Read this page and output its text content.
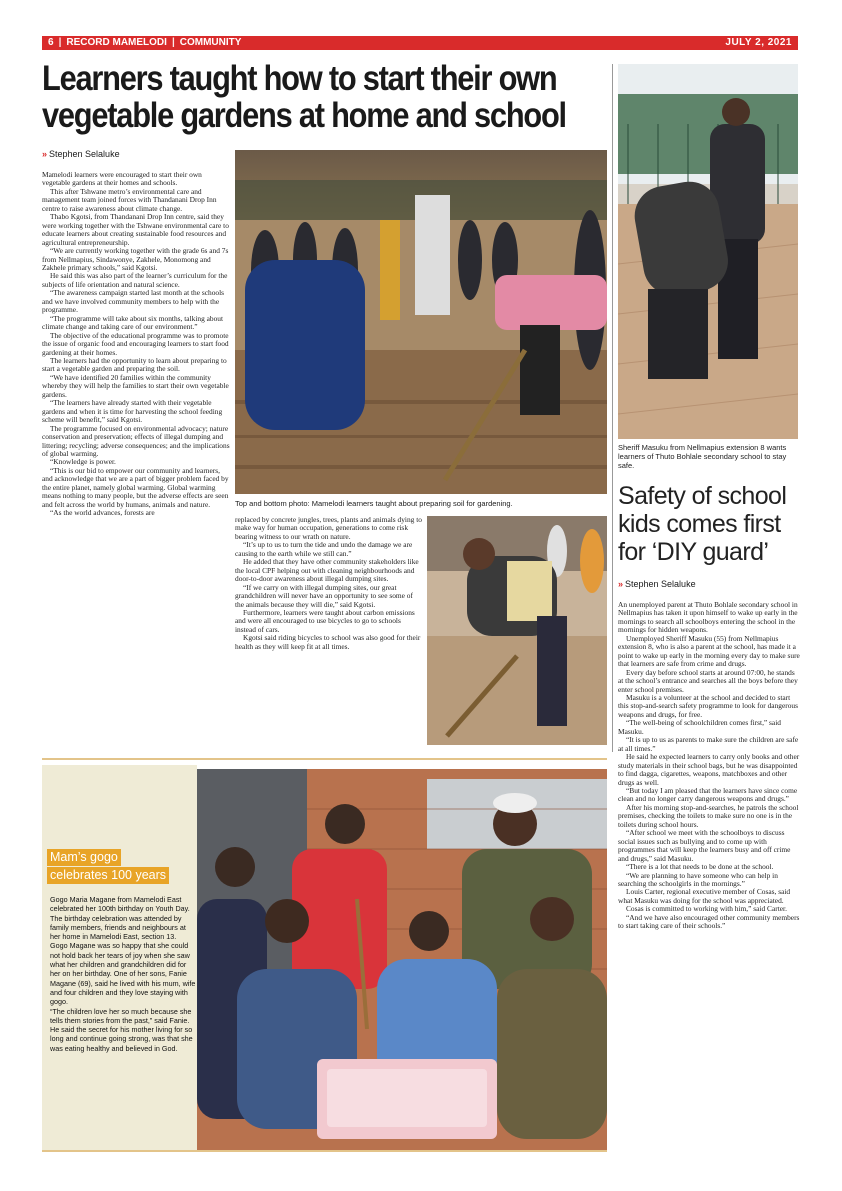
6 | RECORD MAMELODI | COMMUNITY	JULY 2, 2021
Learners taught how to start their own
vegetable gardens at home and school
» Stephen Selaluke

Mamelodi learners were encouraged to start their own vegetable gardens at their homes and schools.

This after Tshwane metro’s environmental care and management team joined forces with Thandanani Drop Inn centre to raise awareness about climate change.

Thabo Kgotsi, from Thandanani Drop Inn centre, said they were working together with the Tshwane environmental care to educate learners about creating sustainable food resources and agricultural entrepreneurship.

“We are currently working together with the grade 6s and 7s from Nellmapius, Sindawonye, Zakhele, Monomong and Zakhele primary schools,” said Kgotsi.

He said this was also part of the learner’s curriculum for the subjects of life orientation and natural science.

“The awareness campaign started last month at the schools and we have involved community members to help with the programme.

“The programme will take about six months, talking about climate change and taking care of our environment.”

The objective of the educational programme was to promote the issue of organic food and encouraging learners to start food gardening at their homes.

The learners had the opportunity to learn about preparing to start a vegetable garden and preparing the soil.

“We have identified 20 families within the community whereby they will help the families to start their own vegetable gardens.

“The learners have already started with their vegetable gardens and when it is time for harvesting the school feeding scheme will benefit,” said Kgotsi.

The programme focused on environmental advocacy; nature conservation and preservation; effects of illegal dumping and littering; recycling; adverse consequences; and the implications of global warming.

“Knowledge is power.

“This is our bid to empower our community and learners, and acknowledge that we are a part of bigger problem faced by the entire planet, namely global warming. Global warming means nothing to many people, but the adverse effects are seen and felt across the world by humans, animals and nature.

“As the world advances, forests are

Top and bottom photo: Mamelodi learners taught about preparing soil for gardening.

replaced by concrete jungles, trees, plants and animals dying to make way for human occupation, generations to come risk bearing witness to our wrath on nature.

“It’s up to us to turn the tide and undo the damage we are causing to the earth while we still can.”

He added that they have other community stakeholders like the local CPF helping out with cleaning neighbourhoods and door-to-door awareness about illegal dumping sites.

“If we carry on with illegal dumping sites, our great grandchildren will never have an opportunity to see some of the animals because they will die,” said Kgotsi.

Furthermore, learners were taught about carbon emissions and were all encouraged to use bicycles to go to schools instead of cars.

Kgotsi said riding bicycles to school was also good for their health as they will keep fit at all times.

Sheriff Masuku from Nellmapius extension 8 wants learners of Thuto Bohlale secondary school to stay safe.
Safety of school kids comes first for ‘DIY guard’
» Stephen Selaluke

An unemployed parent at Thuto Bohlale secondary school in Nellmapius has taken it upon himself to wake up early in the mornings to search all schoolboys entering the school in the mornings for hidden weapons.

Unemployed Sheriff Masuku (55) from Nellmapius extension 8, who is also a parent at the school, has made it a point to wake up early in the morning every day to make sure that learners are safe from crime and drugs.

Every day before school starts at around 07:00, he stands at the school’s entrance and searches all the boys before they enter school premises.

Masuku is a volunteer at the school and decided to start this stop-and-search safety programme to look for dangerous weapons and drugs, for free.

“The well-being of schoolchildren comes first,” said Masuku.

“It is up to us as parents to make sure the children are safe at all times.”

He said he expected learners to carry only books and other study materials in their school bags, but he was disappointed to find dagga, cigarettes, weapons, matchboxes and other drugs as well.

“But today I am pleased that the learners have since come clean and no longer carry dangerous weapons and drugs.”

After his morning stop-and-searches, he patrols the school premises, checking the toilets to make sure no one is in the toilets during school hours.

“After school we meet with the schoolboys to discuss social issues such as bullying and to come up with programmes that will keep the learners busy and off crime and drugs,” said Masuku.

“There is a lot that needs to be done at the school.

“We are planning to have someone who can help in searching the schoolgirls in the mornings.”

Louis Carter, regional executive member of Cosas, said what Masuku was doing for the school was appreciated.

Cosas is committed to working with him,” said Carter.

“And we have also encouraged other community members to start taking care of their schools.”

Mam’s gogo
celebrates 100 years

Gogo Maria Magane from Mamelodi East celebrated her 100th birthday on Youth Day. The birthday celebration was attended by family members, friends and neighbours at her home in Mamelodi East, section 13.

Gogo Magane was so happy that she could not hold back her tears of joy when she saw what her children and grandchildren did for her on her birthday. One of her sons, Fanie Magane (69), said he lived with his mum, wife and four children and they love staying with gogo.

“The children love her so much because she tells them stories from the past,” said Fanie. He said the secret for his mother living for so long and continue going strong, was that she was eating healthy and believed in God.
